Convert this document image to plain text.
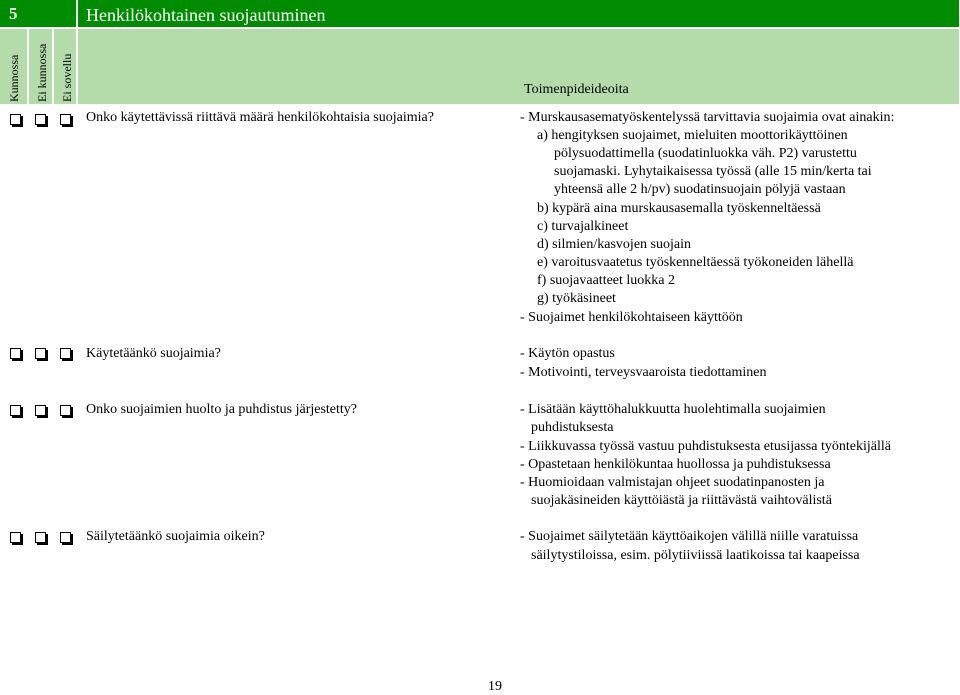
5	Henkilökohtainen suojautuminen
Kunnossa Ei kunnossa Ei sovellu	Toimenpideideoita
Onko käytettävissä riittävä määrä henkilökohtaisia suojaimia?	- Murskausasematyöskentelyssä tarvittavia suojaimia ovat ainakin:
a) hengityksen suojaimet, mieluiten moottorikäyttöinen
pölysuodattimella (suodatinluokka väh. P2) varustettu
suojamaski. Lyhytaikaisessa työssä (alle 15 min/kerta tai
yhteensä alle 2 h/pv) suodatinsuojain pölyjä vastaan
b) kypärä aina murskausasemalla työskenneltäessä
c) turvajalkineet
d) silmien/kasvojen suojain
e) varoitusvaatetus työskenneltäessä työkoneiden lähellä
f) suojavaatteet luokka 2
g) työkäsineet
- Suojaimet henkilökohtaiseen käyttöön
Käytetäänkö suojaimia?	- Käytön opastus
- Motivointi, terveysvaaroista tiedottaminen
Onko suojaimien huolto ja puhdistus järjestetty?	- Lisätään käyttöhalukkuutta huolehtimalla suojaimien
puhdistuksesta
- Liikkuvassa työssä vastuu puhdistuksesta etusijassa työntekijällä
- Opastetaan henkilökuntaa huollossa ja puhdistuksessa
- Huomioidaan valmistajan ohjeet suodatinpanosten ja
suojakäsineiden käyttöiästä ja riittävästä vaihtovälistä
Säilytetäänkö suojaimia oikein?	- Suojaimet säilytetään käyttöaikojen välillä niille varatuissa
säilytystiloissa, esim. pölytiiviissä laatikoissa tai kaapeissa
19
